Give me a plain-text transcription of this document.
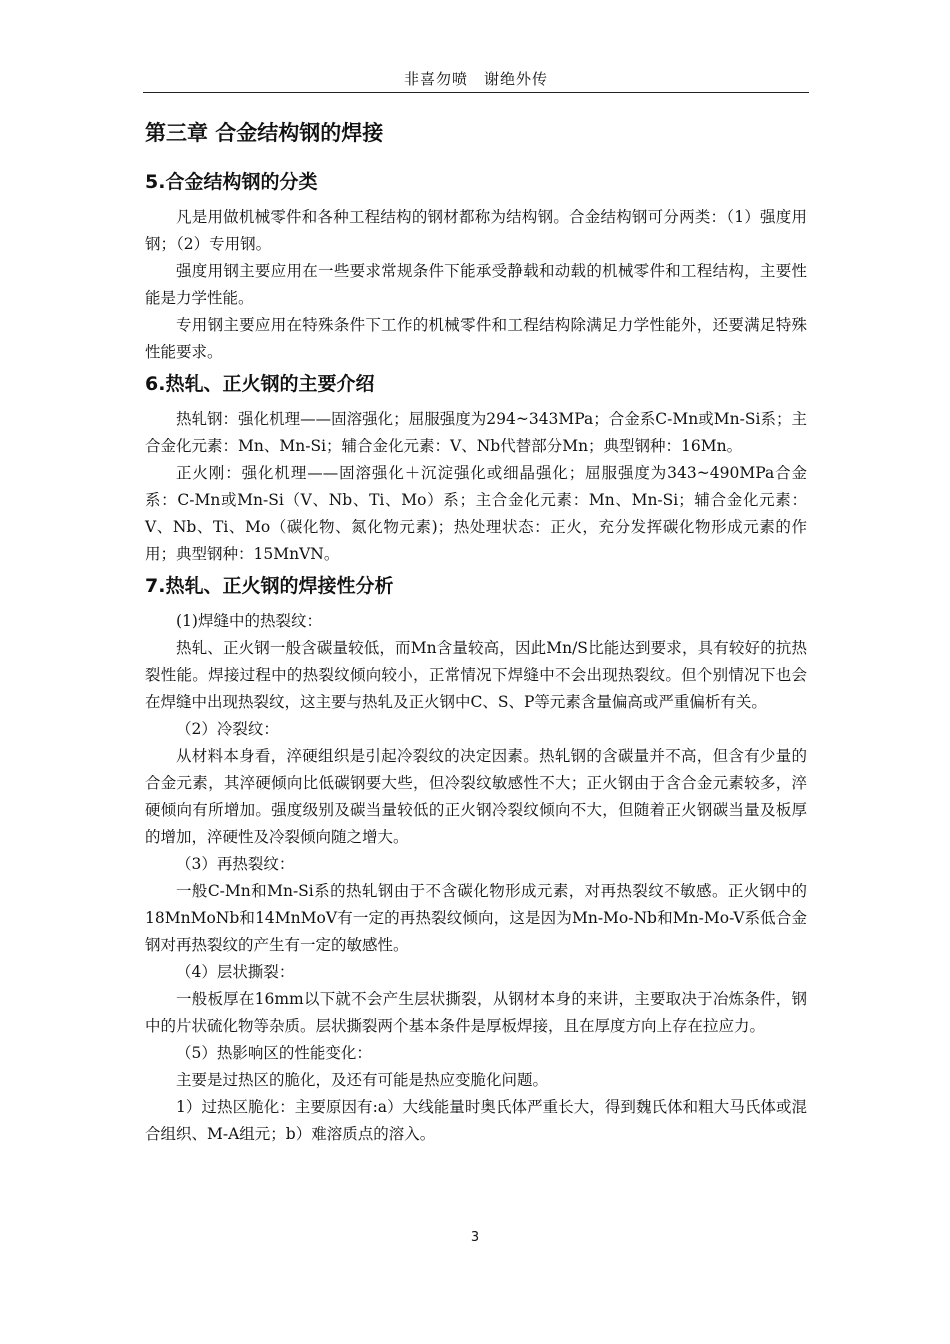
非喜勿喷　谢绝外传
第三章 合金结构钢的焊接
5.合金结构钢的分类

凡是用做机械零件和各种工程结构的钢材都称为结构钢。合金结构钢可分两类：（1）强度用钢；（2）专用钢。

强度用钢主要应用在一些要求常规条件下能承受静载和动载的机械零件和工程结构，主要性能是力学性能。

专用钢主要应用在特殊条件下工作的机械零件和工程结构除满足力学性能外，还要满足特殊性能要求。

6.热轧、正火钢的主要介绍

热轧钢：强化机理——固溶强化；屈服强度为294~343MPa；合金系C-Mn或Mn-Si系；主合金化元素：Mn、Mn-Si；辅合金化元素：V、Nb代替部分Mn；典型钢种：16Mn。

正火刚：强化机理——固溶强化＋沉淀强化或细晶强化；屈服强度为343~490MPa合金系：C-Mn或Mn-Si（V、Nb、Ti、Mo）系；主合金化元素：Mn、Mn-Si；辅合金化元素：V、Nb、Ti、Mo（碳化物、氮化物元素)；热处理状态：正火，充分发挥碳化物形成元素的作用；典型钢种：15MnVN。

7.热轧、正火钢的焊接性分析

(1)焊缝中的热裂纹：

热轧、正火钢一般含碳量较低，而Mn含量较高，因此Mn/S比能达到要求，具有较好的抗热裂性能。焊接过程中的热裂纹倾向较小，正常情况下焊缝中不会出现热裂纹。但个别情况下也会在焊缝中出现热裂纹，这主要与热轧及正火钢中C、S、P等元素含量偏高或严重偏析有关。

（2）冷裂纹：

从材料本身看，淬硬组织是引起冷裂纹的决定因素。热轧钢的含碳量并不高，但含有少量的合金元素，其淬硬倾向比低碳钢要大些，但冷裂纹敏感性不大；正火钢由于含合金元素较多，淬硬倾向有所增加。强度级别及碳当量较低的正火钢冷裂纹倾向不大，但随着正火钢碳当量及板厚的增加，淬硬性及冷裂倾向随之增大。

（3）再热裂纹：

一般C-Mn和Mn-Si系的热轧钢由于不含碳化物形成元素，对再热裂纹不敏感。正火钢中的18MnMoNb和14MnMoV有一定的再热裂纹倾向，这是因为Mn-Mo-Nb和Mn-Mo-V系低合金钢对再热裂纹的产生有一定的敏感性。

（4）层状撕裂：

一般板厚在16mm以下就不会产生层状撕裂，从钢材本身的来讲，主要取决于冶炼条件，钢中的片状硫化物等杂质。层状撕裂两个基本条件是厚板焊接，且在厚度方向上存在拉应力。

（5）热影响区的性能变化：

主要是过热区的脆化，及还有可能是热应变脆化问题。

1）过热区脆化：主要原因有:a）大线能量时奥氏体严重长大，得到魏氏体和粗大马氏体或混合组织、M-A组元；b）难溶质点的溶入。

3
